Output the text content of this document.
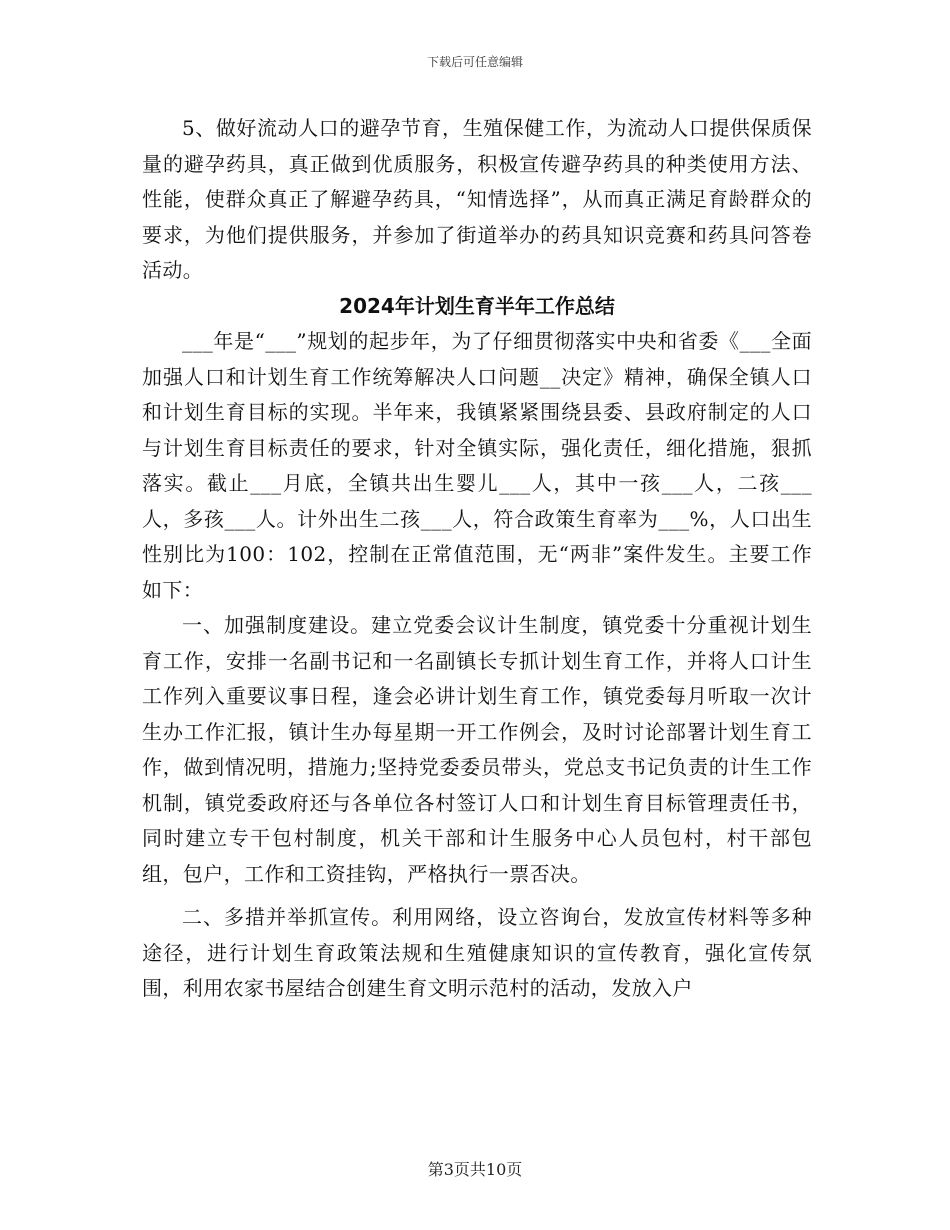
下载后可任意编辑

5、做好流动人口的避孕节育，生殖保健工作，为流动人口提供保质保量的避孕药具，真正做到优质服务，积极宣传避孕药具的种类使用方法、性能，使群众真正了解避孕药具，“知情选择”，从而真正满足育龄群众的要求，为他们提供服务，并参加了街道举办的药具知识竞赛和药具问答卷活动。

2024年计划生育半年工作总结

___年是“___”规划的起步年，为了仔细贯彻落实中央和省委《___全面加强人口和计划生育工作统筹解决人口问题__决定》精神，确保全镇人口和计划生育目标的实现。半年来，我镇紧紧围绕县委、县政府制定的人口与计划生育目标责任的要求，针对全镇实际，强化责任，细化措施，狠抓落实。截止___月底，全镇共出生婴儿___人，其中一孩___人，二孩___人，多孩___人。计外出生二孩___人，符合政策生育率为___%，人口出生性别比为100：102，控制在正常值范围，无“两非”案件发生。主要工作如下：

一、加强制度建设。建立党委会议计生制度，镇党委十分重视计划生育工作，安排一名副书记和一名副镇长专抓计划生育工作，并将人口计生工作列入重要议事日程，逢会必讲计划生育工作，镇党委每月听取一次计生办工作汇报，镇计生办每星期一开工作例会，及时讨论部署计划生育工作，做到情况明，措施力;坚持党委委员带头，党总支书记负责的计生工作机制，镇党委政府还与各单位各村签订人口和计划生育目标管理责任书，同时建立专干包村制度，机关干部和计生服务中心人员包村，村干部包组，包户，工作和工资挂钩，严格执行一票否决。

二、多措并举抓宣传。利用网络，设立咨询台，发放宣传材料等多种途径，进行计划生育政策法规和生殖健康知识的宣传教育，强化宣传氛围，利用农家书屋结合创建生育文明示范村的活动，发放入户

第3页共10页
